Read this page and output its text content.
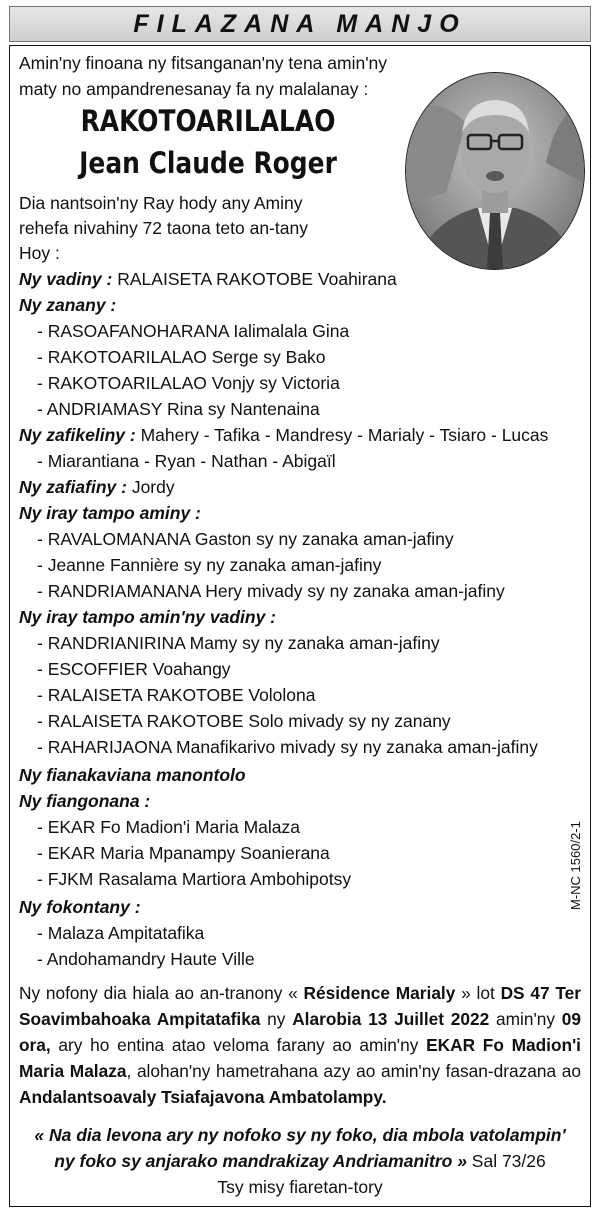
FILAZANA MANJO
Amin'ny finoana ny fitsanganan'ny tena amin'ny
maty no ampandrenesanay fa ny malalanay :
RAKOTOARILALAO
Jean Claude Roger
Dia nantsoin'ny Ray hody any Aminy
rehefa nivahiny 72 taona teto an-tany
Hoy :
Ny vadiny : RALAISETA RAKOTOBE Voahirana
Ny zanany :
- RASOAFANOHARANA Ialimalala Gina
- RAKOTOARILALAO Serge sy Bako
- RAKOTOARILALAO Vonjy sy Victoria
- ANDRIAMASY Rina sy Nantenaina
Ny zafikeliny : Mahery - Tafika - Mandresy - Marialy - Tsiaro - Lucas
- Miarantiana - Ryan - Nathan - Abigaïl
Ny zafiafiny : Jordy
Ny iray tampo aminy :
- RAVALOMANANA Gaston sy ny zanaka aman-jafiny
- Jeanne Fannière sy ny zanaka aman-jafiny
- RANDRIAMANANA Hery mivady sy ny zanaka aman-jafiny
Ny iray tampo amin'ny vadiny :
- RANDRIANIRINA Mamy sy ny zanaka aman-jafiny
- ESCOFFIER Voahangy
- RALAISETA RAKOTOBE Vololona
- RALAISETA RAKOTOBE Solo mivady sy ny zanany
- RAHARIJAONA Manafikarivo mivady sy ny zanaka aman-jafiny
Ny fianakaviana manontolo
Ny fiangonana :
- EKAR Fo Madion'i Maria Malaza
- EKAR Maria Mpanampy Soanierana
- FJKM Rasalama Martiora Ambohipotsy
Ny fokontany :
- Malaza Ampitatafika
- Andohamandry Haute Ville
Ny nofony dia hiala ao an-tranony « Résidence Marialy » lot DS 47 Ter Soavimbahoaka Ampitatafika ny Alarobia 13 Juillet 2022 amin'ny 09 ora, ary ho entina atao veloma farany ao amin'ny EKAR Fo Madion'i Maria Malaza, alohan'ny hametrahana azy ao amin'ny fasan-drazana ao Andalantsoavaly Tsiafajavona Ambatolampy.
« Na dia levona ary ny nofoko sy ny foko, dia mbola vatolampin'
ny foko sy anjarako mandrakizay Andriamanitro » Sal 73/26
Tsy misy fiaretan-tory
M-NC 1560/2-1
